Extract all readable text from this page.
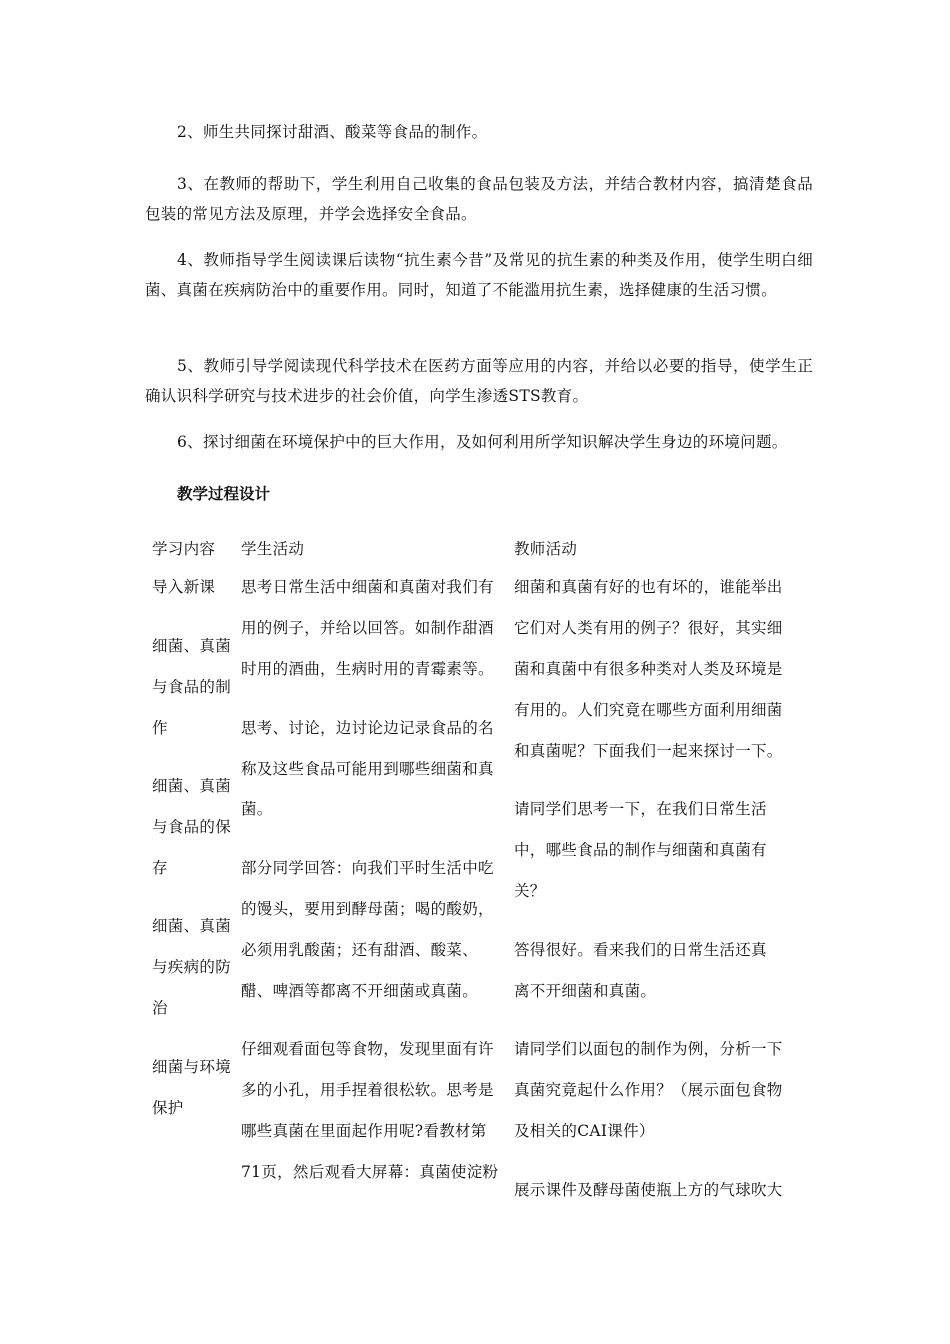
2、师生共同探讨甜酒、酸菜等食品的制作。

3、在教师的帮助下，学生利用自己收集的食品包装及方法，并结合教材内容，搞清楚食品包装的常见方法及原理，并学会选择安全食品。

4、教师指导学生阅读课后读物“抗生素今昔”及常见的抗生素的种类及作用，使学生明白细菌、真菌在疾病防治中的重要作用。同时，知道了不能滥用抗生素，选择健康的生活习惯。

5、教师引导学阅读现代科学技术在医药方面等应用的内容，并给以必要的指导，使学生正确认识科学研究与技术进步的社会价值，向学生渗透STS教育。

6、探讨细菌在环境保护中的巨大作用，及如何利用所学知识解决学生身边的环境问题。

教学过程设计
学习内容 学生活动	教师活动
导入新课
细菌、真菌
与食品的制
作
细菌、真菌
与食品的保
存
细菌、真菌
与疾病的防
治
细菌与环境
保护
思考日常生活中细菌和真菌对我们有
用的例子，并给以回答。如制作甜酒
时用的酒曲，生病时用的青霉素等。
思考、讨论，边讨论边记录食品的名
称及这些食品可能用到哪些细菌和真
菌。
部分同学回答：向我们平时生活中吃
的馒头，要用到酵母菌；喝的酸奶，
必须用乳酸菌；还有甜酒、酸菜、
醋、啤酒等都离不开细菌或真菌。
仔细观看面包等食物，发现里面有许
多的小孔，用手捏着很松软。思考是
哪些真菌在里面起作用呢?看教材第
71页，然后观看大屏幕：真菌使淀粉
细菌和真菌有好的也有坏的，谁能举出
它们对人类有用的例子？很好，其实细
菌和真菌中有很多种类对人类及环境是
有用的。人们究竟在哪些方面利用细菌
和真菌呢？下面我们一起来探讨一下。
请同学们思考一下，在我们日常生活
中，哪些食品的制作与细菌和真菌有
关？
答得很好。看来我们的日常生活还真
离不开细菌和真菌。
请同学们以面包的制作为例，分析一下
真菌究竟起什么作用？（展示面包食物
及相关的CAI课件）
展示课件及酵母菌使瓶上方的气球吹大
